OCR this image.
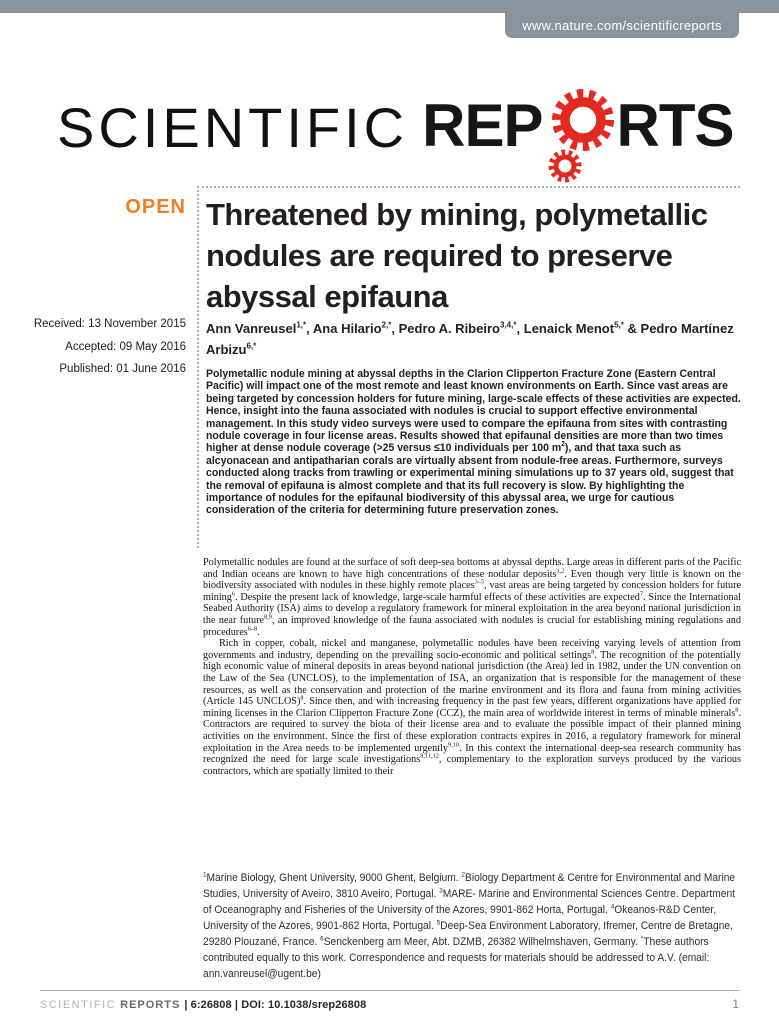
www.nature.com/scientificreports
SCIENTIFIC REP RTS
OPEN
Received: 13 November 2015
Accepted: 09 May 2016
Published: 01 June 2016
Threatened by mining, polymetallic nodules are required to preserve abyssal epifauna
Ann Vanreusel$^{1,*}$, Ana Hilario$^{2,*}$, Pedro A. Ribeiro$^{3,4,*}$, Lenaick Menot$^{5,*}$ & Pedro Martínez Arbizu$^{6,*}$
Polymetallic nodule mining at abyssal depths in the Clarion Clipperton Fracture Zone (Eastern Central Pacific) will impact one of the most remote and least known environments on Earth. Since vast areas are being targeted by concession holders for future mining, large-scale effects of these activities are expected. Hence, insight into the fauna associated with nodules is crucial to support effective environmental management. In this study video surveys were used to compare the epifauna from sites with contrasting nodule coverage in four license areas. Results showed that epifaunal densities are more than two times higher at dense nodule coverage (>25 versus ≤10 individuals per 100 $m^2$), and that taxa such as alcyonacean and antipatharian corals are virtually absent from nodule-free areas. Furthermore, surveys conducted along tracks from trawling or experimental mining simulations up to 37 years old, suggest that the removal of epifauna is almost complete and that its full recovery is slow. By highlighting the importance of nodules for the epifaunal biodiversity of this abyssal area, we urge for cautious consideration of the criteria for determining future preservation zones.

Polymetallic nodules are found at the surface of soft deep-sea bottoms at abyssal depths. Large areas in different parts of the Pacific and Indian oceans are known to have high concentrations of these nodular deposits$^{1,2}$. Even though very little is known on the biodiversity associated with nodules in these highly remote places$^{3-5}$, vast areas are being targeted by concession holders for future mining$^6$. Despite the present lack of knowledge, large-scale harmful effects of these activities are expected$^7$. Since the International Seabed Authority (ISA) aims to develop a regulatory framework for mineral exploitation in the area beyond national jurisdiction in the near future$^{8,9}$, an improved knowledge of the fauna associated with nodules is crucial for establishing mining regulations and procedures$^{6-8}$.

Rich in copper, cobalt, nickel and manganese, polymetallic nodules have been receiving varying levels of attention from governments and industry, depending on the prevailing socio-economic and political settings$^8$. The recognition of the potentially high economic value of mineral deposits in areas beyond national jurisdiction (the Area) led in 1982, under the UN convention on the Law of the Sea (UNCLOS), to the implementation of ISA, an organization that is responsible for the management of these resources, as well as the conservation and protection of the marine environment and its flora and fauna from mining activities (Article 145 UNCLOS)$^8$. Since then, and with increasing frequency in the past few years, different organizations have applied for mining licenses in the Clarion Clipperton Fracture Zone (CCZ), the main area of worldwide interest in terms of minable minerals$^8$. Contractors are required to survey the biota of their license area and to evaluate the possible impact of their planned mining activities on the environment. Since the first of these exploration contracts expires in 2016, a regulatory framework for mineral exploitation in the Area needs to be implemented urgently$^{9,10}$. In this context the international deep-sea research community has recognized the need for large scale investigations$^{8,11,12}$, complementary to the exploration surveys produced by the various contractors, which are spatially limited to their

$^1$Marine Biology, Ghent University, 9000 Ghent, Belgium. $^2$Biology Department & Centre for Environmental and Marine Studies, University of Aveiro, 3810 Aveiro, Portugal. $^3$MARE- Marine and Environmental Sciences Centre. Department of Oceanography and Fisheries of the University of the Azores, 9901-862 Horta, Portugal. $^4$Okeanos-R&D Center, University of the Azores, 9901-862 Horta, Portugal. $^5$Deep-Sea Environment Laboratory, Ifremer, Centre de Bretagne, 29280 Plouzané, France. $^6$Senckenberg am Meer, Abt. DZMB, 26382 Wilhelmshaven, Germany. *These authors contributed equally to this work. Correspondence and requests for materials should be addressed to A.V. (email: ann.vanreusel@ugent.be)
SCIENTIFIC REPORTS | 6:26808 | DOI: 10.1038/srep26808	1
